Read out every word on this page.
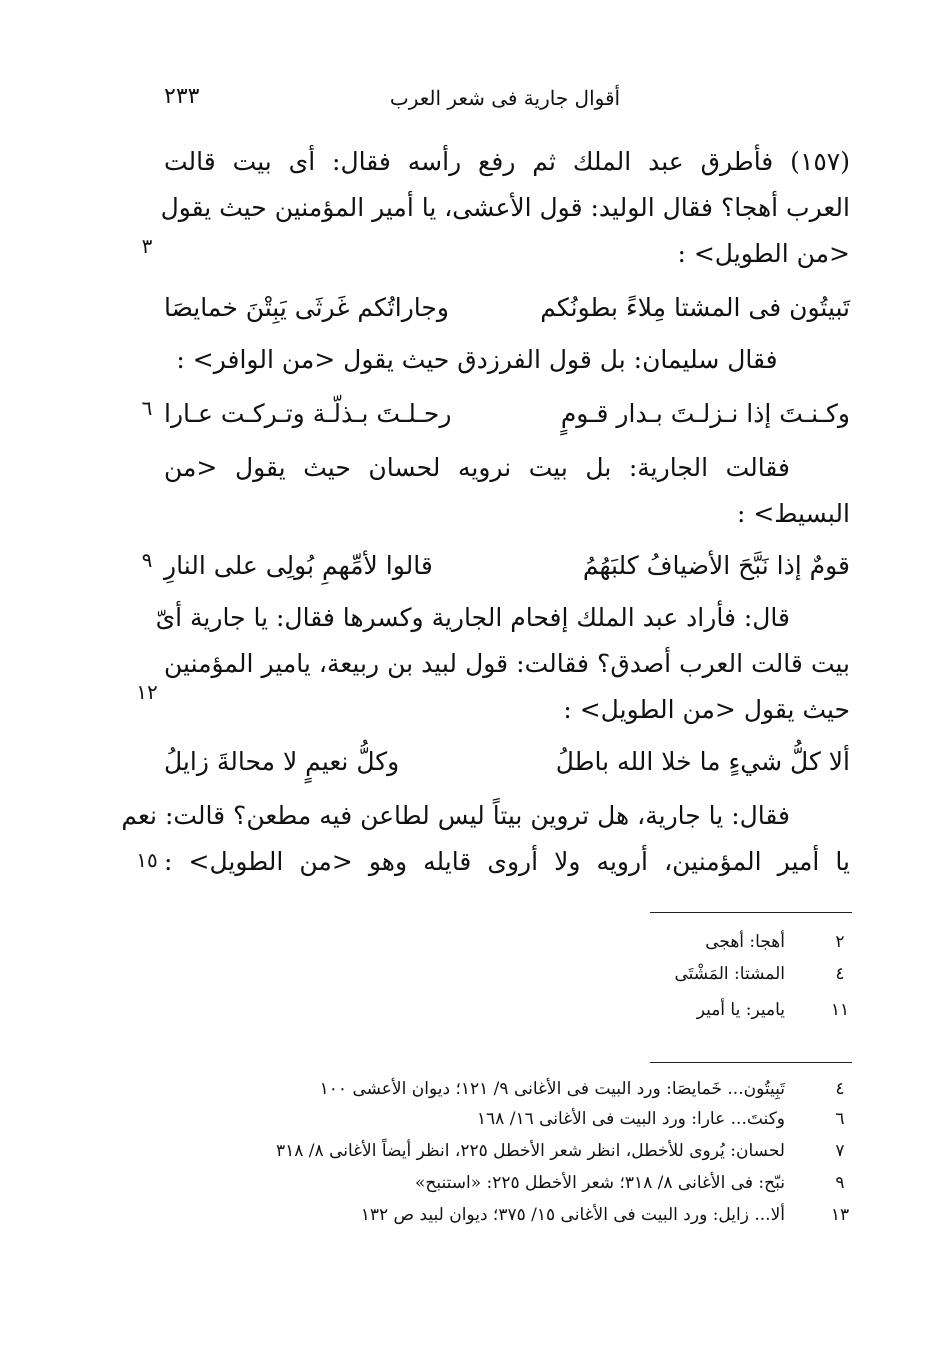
أقوال جارية فى شعر العرب
٢٣٣
(١٥٧) فأطرق عبد الملك ثم رفع رأسه فقال: أى بيت قالت
العرب أهجا؟ فقال الوليد: قول الأعشى، يا أمير المؤمنين حيث يقول
<من الطويل> :
٣
تَبيتُون فى المشتا مِلاءً بطونُكم
وجاراتُكم غَرثَى يَبِتْنَ خمايصَا
فقال سليمان: بل قول الفرزدق حيث يقول <من الوافر> :
وكـنـتَ إذا نـزلـتَ بـدار قـومٍ
رحـلـتَ بـذلّـة وتـركـت عـارا
٦
فقالت الجارية: بل بيت نرويه لحسان حيث يقول <من
البسيط> :
قومٌ إذا نَبَّحَ الأضيافُ كلبَهُمُ
قالوا لأمِّهمِ بُولِى على النارِ
٩
قال: فأراد عبد الملك إفحام الجارية وكسرها فقال: يا جارية أىّ
بيت قالت العرب أصدق؟ فقالت: قول لبيد بن ربيعة، يامير المؤمنين
١٢
حيث يقول <من الطويل> :
ألا كلُّ شيءٍ ما خلا الله باطلُ
وكلُّ نعيمٍ لا محالةَ زايلُ
فقال: يا جارية، هل تروين بيتاً ليس لطاعن فيه مطعن؟ قالت: نعم
يا أمير المؤمنين، أرويه ولا أروى قايله وهو <من الطويل> :
١٥
٢
أهجا: أهجى
٤
المشتا: المَشْتَى
١١
يامير: يا أمير
٤
تَبِيتُون... خَمايصَا: ورد البيت فى الأغانى ٩/ ١٢١؛ ديوان الأعشى ١٠٠
٦
وكنتَ... عارا: ورد البيت فى الأغانى ١٦/ ١٦٨
٧
لحسان: يُروى للأخطل، انظر شعر الأخطل ٢٢٥، انظر أيضاً الأغانى ٨/ ٣١٨
٩
نبّح: فى الأغانى ٨/ ٣١٨؛ شعر الأخطل ٢٢٥: «استنبح»
١٣
ألا... زايل: ورد البيت فى الأغانى ١٥/ ٣٧٥؛ ديوان لبيد ص ١٣٢
